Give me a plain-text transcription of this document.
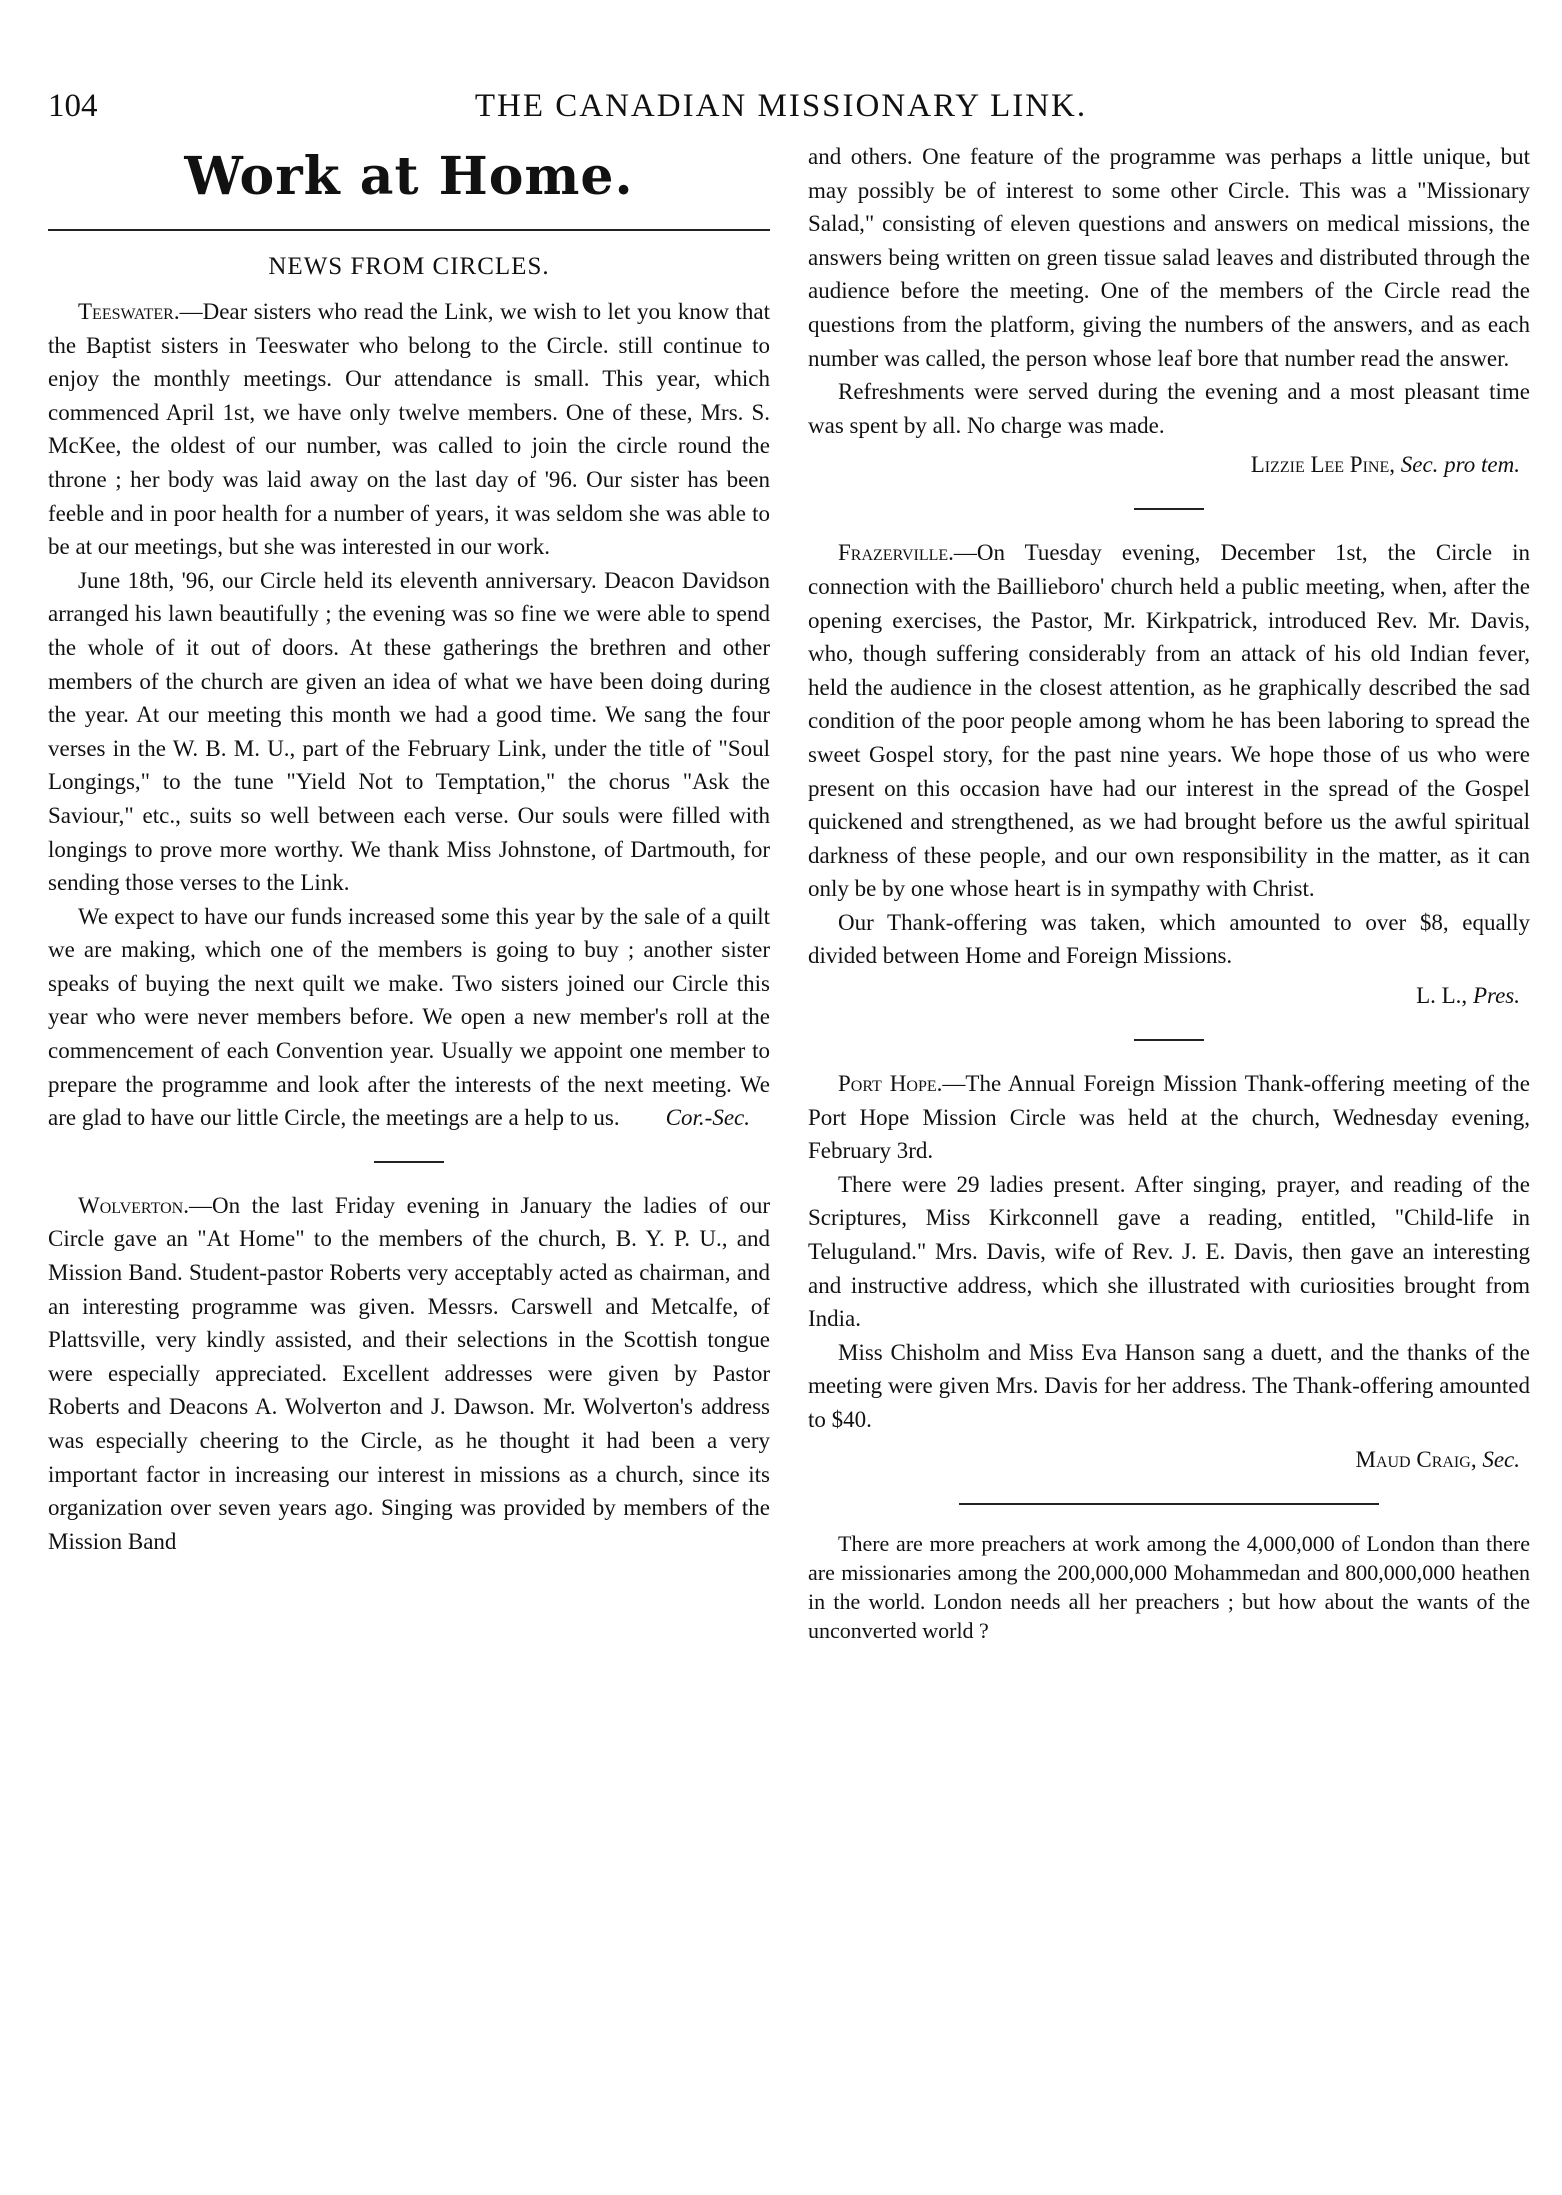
104	THE CANADIAN MISSIONARY LINK.
Work at Home.
NEWS FROM CIRCLES.

Teeswater.—Dear sisters who read the Link, we wish to let you know that the Baptist sisters in Teeswater who belong to the Circle. still continue to enjoy the monthly meetings. Our attendance is small. This year, which commenced April 1st, we have only twelve members. One of these, Mrs. S. McKee, the oldest of our number, was called to join the circle round the throne ; her body was laid away on the last day of '96. Our sister has been feeble and in poor health for a number of years, it was seldom she was able to be at our meetings, but she was interested in our work.

June 18th, '96, our Circle held its eleventh anniversary. Deacon Davidson arranged his lawn beautifully ; the evening was so fine we were able to spend the whole of it out of doors. At these gatherings the brethren and other members of the church are given an idea of what we have been doing during the year. At our meeting this month we had a good time. We sang the four verses in the W. B. M. U., part of the February Link, under the title of "Soul Longings," to the tune "Yield Not to Temptation," the chorus "Ask the Saviour," etc., suits so well between each verse. Our souls were filled with longings to prove more worthy. We thank Miss Johnstone, of Dartmouth, for sending those verses to the Link.

We expect to have our funds increased some this year by the sale of a quilt we are making, which one of the members is going to buy ; another sister speaks of buying the next quilt we make. Two sisters joined our Circle this year who were never members before. We open a new member's roll at the commencement of each Convention year. Usually we appoint one member to prepare the programme and look after the interests of the next meeting. We are glad to have our little Circle, the meetings are a help to us.	Cor.-Sec.

Wolverton.—On the last Friday evening in January the ladies of our Circle gave an "At Home" to the members of the church, B. Y. P. U., and Mission Band. Student-pastor Roberts very acceptably acted as chairman, and an interesting programme was given. Messrs. Carswell and Metcalfe, of Plattsville, very kindly assisted, and their selections in the Scottish tongue were especially appreciated. Excellent addresses were given by Pastor Roberts and Deacons A. Wolverton and J. Dawson. Mr. Wolverton's address was especially cheering to the Circle, as he thought it had been a very important factor in increasing our interest in missions as a church, since its organization over seven years ago. Singing was provided by members of the Mission Band

and others. One feature of the programme was perhaps a little unique, but may possibly be of interest to some other Circle. This was a "Missionary Salad," consisting of eleven questions and answers on medical missions, the answers being written on green tissue salad leaves and distributed through the audience before the meeting. One of the members of the Circle read the questions from the platform, giving the numbers of the answers, and as each number was called, the person whose leaf bore that number read the answer.

Refreshments were served during the evening and a most pleasant time was spent by all. No charge was made.

Lizzie Lee Pine, Sec. pro tem.

Frazerville.—On Tuesday evening, December 1st, the Circle in connection with the Baillieboro' church held a public meeting, when, after the opening exercises, the Pastor, Mr. Kirkpatrick, introduced Rev. Mr. Davis, who, though suffering considerably from an attack of his old Indian fever, held the audience in the closest attention, as he graphically described the sad condition of the poor people among whom he has been laboring to spread the sweet Gospel story, for the past nine years. We hope those of us who were present on this occasion have had our interest in the spread of the Gospel quickened and strengthened, as we had brought before us the awful spiritual darkness of these people, and our own responsibility in the matter, as it can only be by one whose heart is in sympathy with Christ.

Our Thank-offering was taken, which amounted to over $8, equally divided between Home and Foreign Missions.

L. L., Pres.

Port Hope.—The Annual Foreign Mission Thank-offering meeting of the Port Hope Mission Circle was held at the church, Wednesday evening, February 3rd.

There were 29 ladies present. After singing, prayer, and reading of the Scriptures, Miss Kirkconnell gave a reading, entitled, "Child-life in Teluguland." Mrs. Davis, wife of Rev. J. E. Davis, then gave an interesting and instructive address, which she illustrated with curiosities brought from India.

Miss Chisholm and Miss Eva Hanson sang a duett, and the thanks of the meeting were given Mrs. Davis for her address. The Thank-offering amounted to $40.

Maud Craig, Sec.

There are more preachers at work among the 4,000,000 of London than there are missionaries among the 200,000,000 Mohammedan and 800,000,000 heathen in the world. London needs all her preachers ; but how about the wants of the unconverted world ?
